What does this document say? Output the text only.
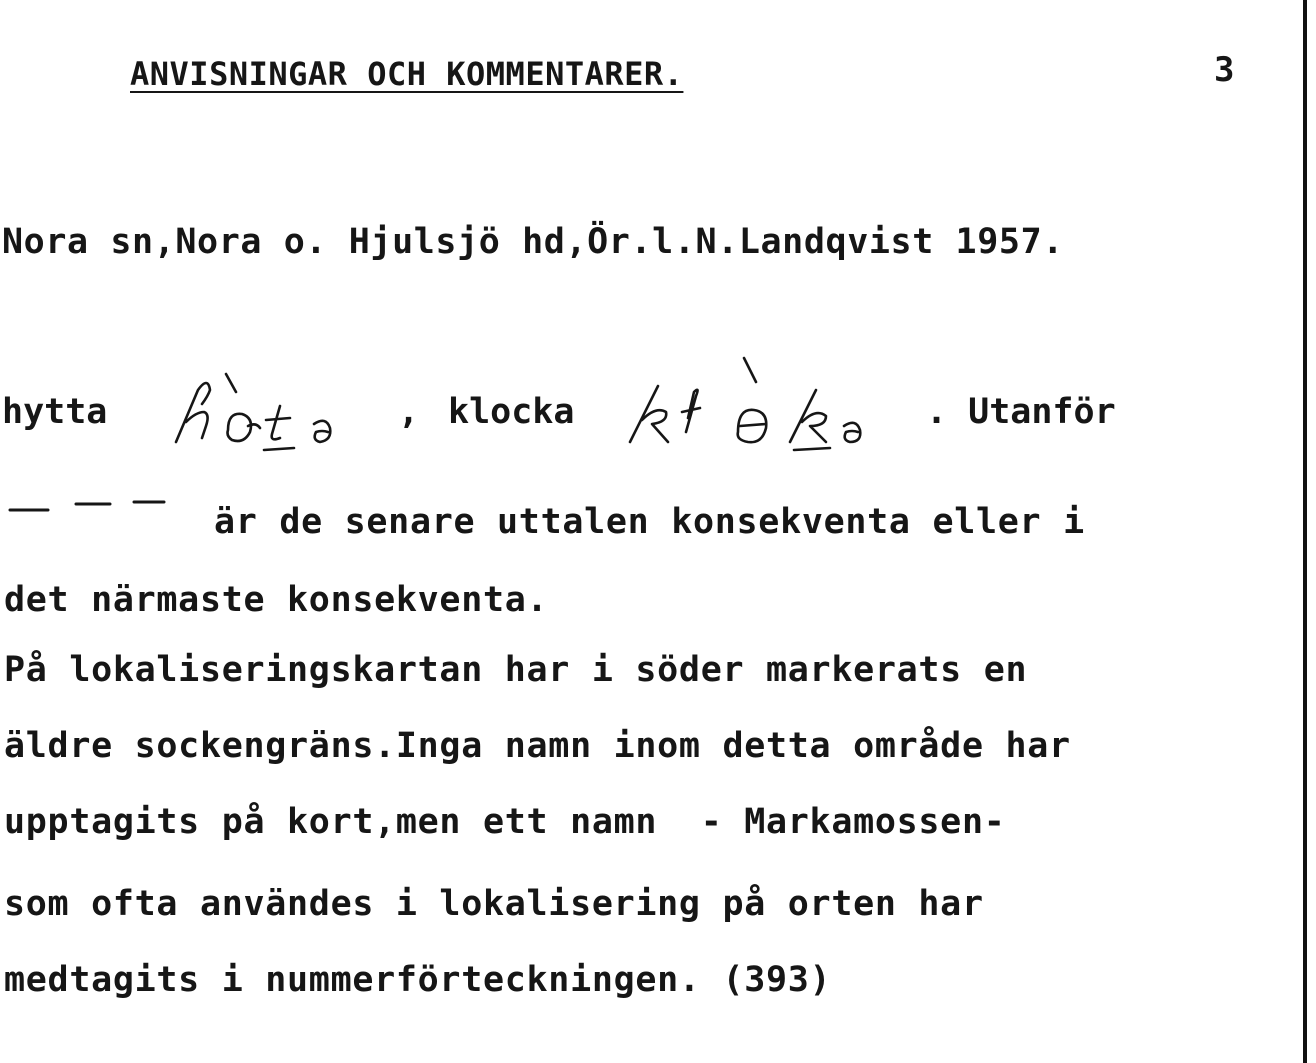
ANVISNINGAR OCH KOMMENTARER.	3
Nora sn,Nora o. Hjulsjö hd,Ör.l.N.Landqvist 1957.
hytta	, klocka	. Utanför
är de senare uttalen konsekventa eller i
det närmaste konsekventa.
På lokaliseringskartan har i söder markerats en
äldre sockengräns.Inga namn inom detta område har
upptagits på kort,men ett namn  - Markamossen-
som ofta användes i lokalisering på orten har
medtagits i nummerförteckningen. (393)
